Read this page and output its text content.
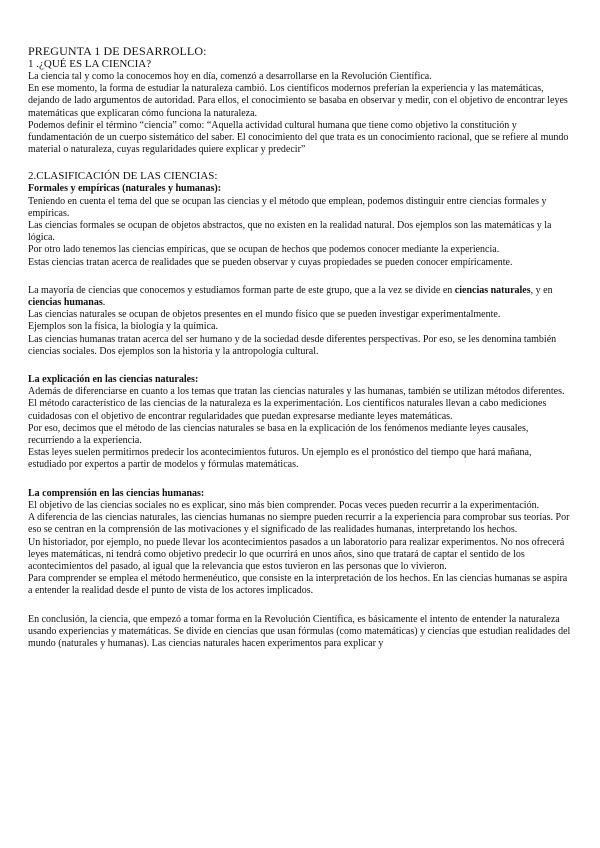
PREGUNTA 1 DE DESARROLLO:
1 .¿QUÉ ES LA CIENCIA?

La ciencia tal y como la conocemos hoy en día, comenzó a desarrollarse en la Revolución Científica.

En ese momento, la forma de estudiar la naturaleza cambió. Los científicos modernos preferían la experiencia y las matemáticas, dejando de lado argumentos de autoridad. Para ellos, el conocimiento se basaba en observar y medir, con el objetivo de encontrar leyes matemáticas que explicaran cómo funciona la naturaleza.

Podemos definir el término “ciencia” como: “Aquella actividad cultural humana que tiene como objetivo la constitución y fundamentación de un cuerpo sistemático del saber. El conocimiento del que trata es un conocimiento racional, que se refiere al mundo material o naturaleza, cuyas regularidades quiere explicar y predecir”

2.CLASIFICACIÓN DE LAS CIENCIAS:
Formales y empíricas (naturales y humanas):

Teniendo en cuenta el tema del que se ocupan las ciencias y el método que emplean, podemos distinguir entre ciencias formales y empíricas.

Las ciencias formales se ocupan de objetos abstractos, que no existen en la realidad natural. Dos ejemplos son las matemáticas y la lógica.

Por otro lado tenemos las ciencias empíricas, que se ocupan de hechos que podemos conocer mediante la experiencia.

Estas ciencias tratan acerca de realidades que se pueden observar y cuyas propiedades se pueden conocer empíricamente.

La mayoría de ciencias que conocemos y estudiamos forman parte de este grupo, que a la vez se divide en ciencias naturales, y en ciencias humanas.

Las ciencias naturales se ocupan de objetos presentes en el mundo físico que se pueden investigar experimentalmente.

Ejemplos son la física, la biología y la química.

Las ciencias humanas tratan acerca del ser humano y de la sociedad desde diferentes perspectivas. Por eso, se les denomina también ciencias sociales. Dos ejemplos son la historia y la antropología cultural.

La explicación en las ciencias naturales:

Además de diferenciarse en cuanto a los temas que tratan las ciencias naturales y las humanas, también se utilizan métodos diferentes. El método característico de las ciencias de la naturaleza es la experimentación. Los científicos naturales llevan a cabo mediciones cuidadosas con el objetivo de encontrar regularidades que puedan expresarse mediante leyes matemáticas.

Por eso, decimos que el método de las ciencias naturales se basa en la explicación de los fenómenos mediante leyes causales, recurriendo a la experiencia.

Estas leyes suelen permitirnos predecir los acontecimientos futuros. Un ejemplo es el pronóstico del tiempo que hará mañana, estudiado por expertos a partir de modelos y fórmulas matemáticas.

La comprensión en las ciencias humanas:

El objetivo de las ciencias sociales no es explicar, sino más bien comprender. Pocas veces pueden recurrir a la experimentación.

A diferencia de las ciencias naturales, las ciencias humanas no siempre pueden recurrir a la experiencia para comprobar sus teorías. Por eso se centran en la comprensión de las motivaciones y el significado de las realidades humanas, interpretando los hechos.

Un historiador, por ejemplo, no puede llevar los acontecimientos pasados a un laboratorio para realizar experimentos. No nos ofrecerá leyes matemáticas, ni tendrá como objetivo predecir lo que ocurrirá en unos años, sino que tratará de captar el sentido de los acontecimientos del pasado, al igual que la relevancia que estos tuvieron en las personas que lo vivieron.

Para comprender se emplea el método hermenéutico, que consiste en la interpretación de los hechos. En las ciencias humanas se aspira a entender la realidad desde el punto de vista de los actores implicados.

En conclusión, la ciencia, que empezó a tomar forma en la Revolución Científica, es básicamente el intento de entender la naturaleza usando experiencias y matemáticas. Se divide en ciencias que usan fórmulas (como matemáticas) y ciencias que estudian realidades del mundo (naturales y humanas). Las ciencias naturales hacen experimentos para explicar y
